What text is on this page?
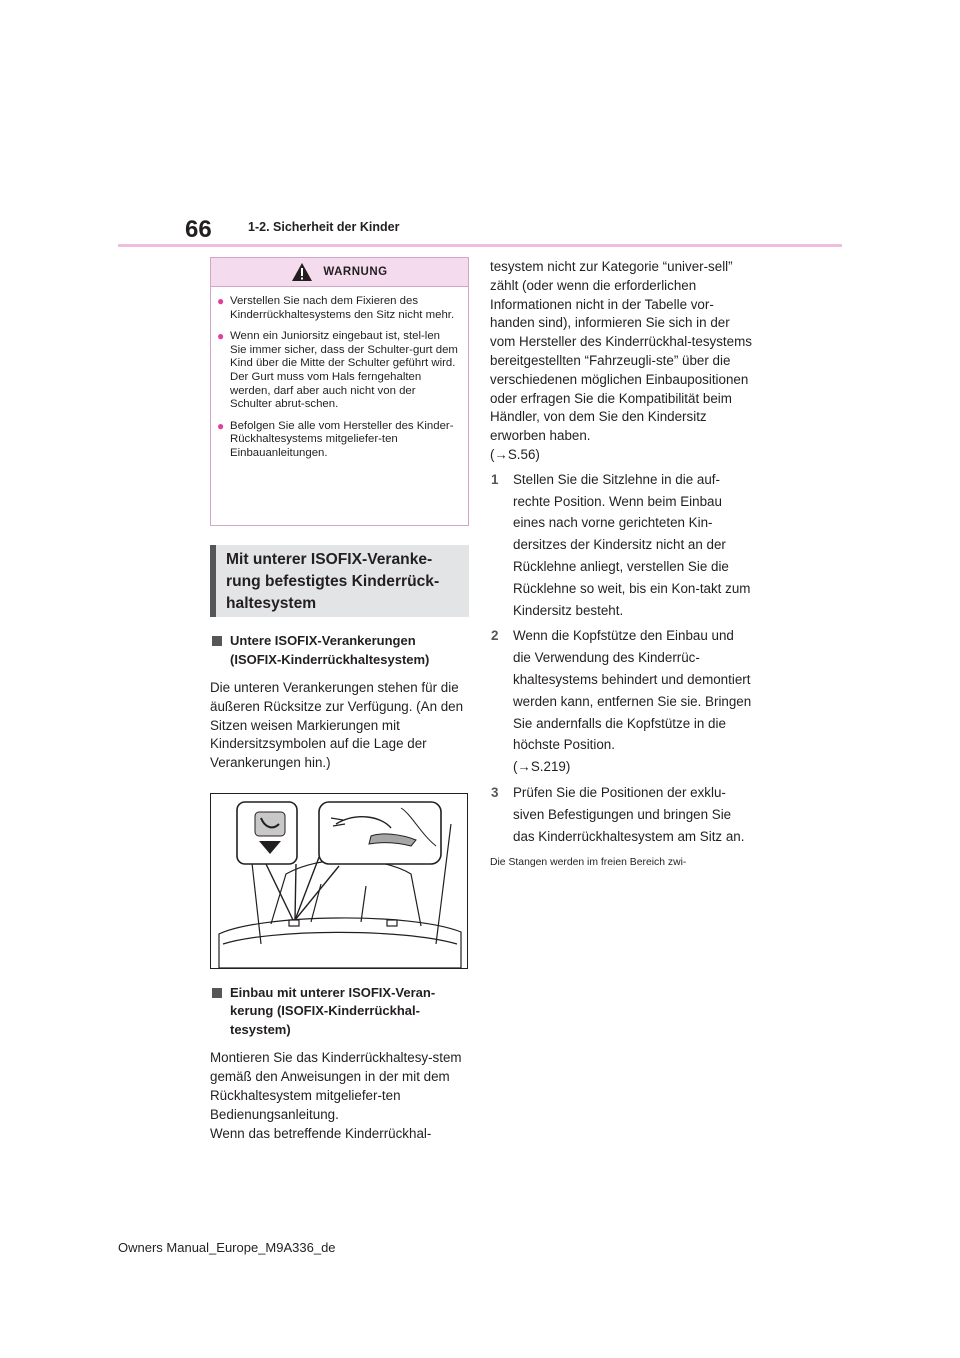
66	1-2. Sicherheit der Kinder
WARNUNG
● Verstellen Sie nach dem Fixieren des Kinderrückhaltesystems den Sitz nicht mehr.
● Wenn ein Juniorsitz eingebaut ist, stel-len Sie immer sicher, dass der Schulter-gurt dem Kind über die Mitte der Schulter geführt wird. Der Gurt muss vom Hals ferngehalten werden, darf aber auch nicht von der Schulter abrut-schen.
● Befolgen Sie alle vom Hersteller des Kinder-Rückhaltesystems mitgeliefer-ten Einbauanleitungen.
Mit unterer ISOFIX-Veranke-rung befestigtes Kinderrück-haltesystem
Untere ISOFIX-Verankerungen (ISOFIX-Kinderrückhaltesystem)
Die unteren Verankerungen stehen für die äußeren Rücksitze zur Verfügung. (An den Sitzen weisen Markierungen mit Kindersitzsymbolen auf die Lage der Verankerungen hin.)
Einbau mit unterer ISOFIX-Veran-kerung (ISOFIX-Kinderrückhal-tesystem)
Montieren Sie das Kinderrückhaltesy-stem gemäß den Anweisungen in der mit dem Rückhaltesystem mitgeliefer-ten Bedienungsanleitung.
Wenn das betreffende Kinderrückhal-
tesystem nicht zur Kategorie “univer-sell” zählt (oder wenn die erforderlichen Informationen nicht in der Tabelle vor-handen sind), informieren Sie sich in der vom Hersteller des Kinderrückhal-tesystems bereitgestellten “Fahrzeugli-ste” über die verschiedenen möglichen Einbaupositionen oder erfragen Sie die Kompatibilität beim Händler, von dem Sie den Kindersitz erworben haben.
(→S.56)
1	Stellen Sie die Sitzlehne in die auf-rechte Position. Wenn beim Einbau eines nach vorne gerichteten Kin-dersitzes der Kindersitz nicht an der Rücklehne anliegt, verstellen Sie die Rücklehne so weit, bis ein Kon-takt zum Kindersitz besteht.
2	Wenn die Kopfstütze den Einbau und die Verwendung des Kinderrüc-khaltesystems behindert und demontiert werden kann, entfernen Sie sie. Bringen Sie andernfalls die Kopfstütze in die höchste Position.
(→S.219)
3	Prüfen Sie die Positionen der exklu-siven Befestigungen und bringen Sie das Kinderrückhaltesystem am Sitz an.
Die Stangen werden im freien Bereich zwi-
Owners Manual_Europe_M9A336_de
